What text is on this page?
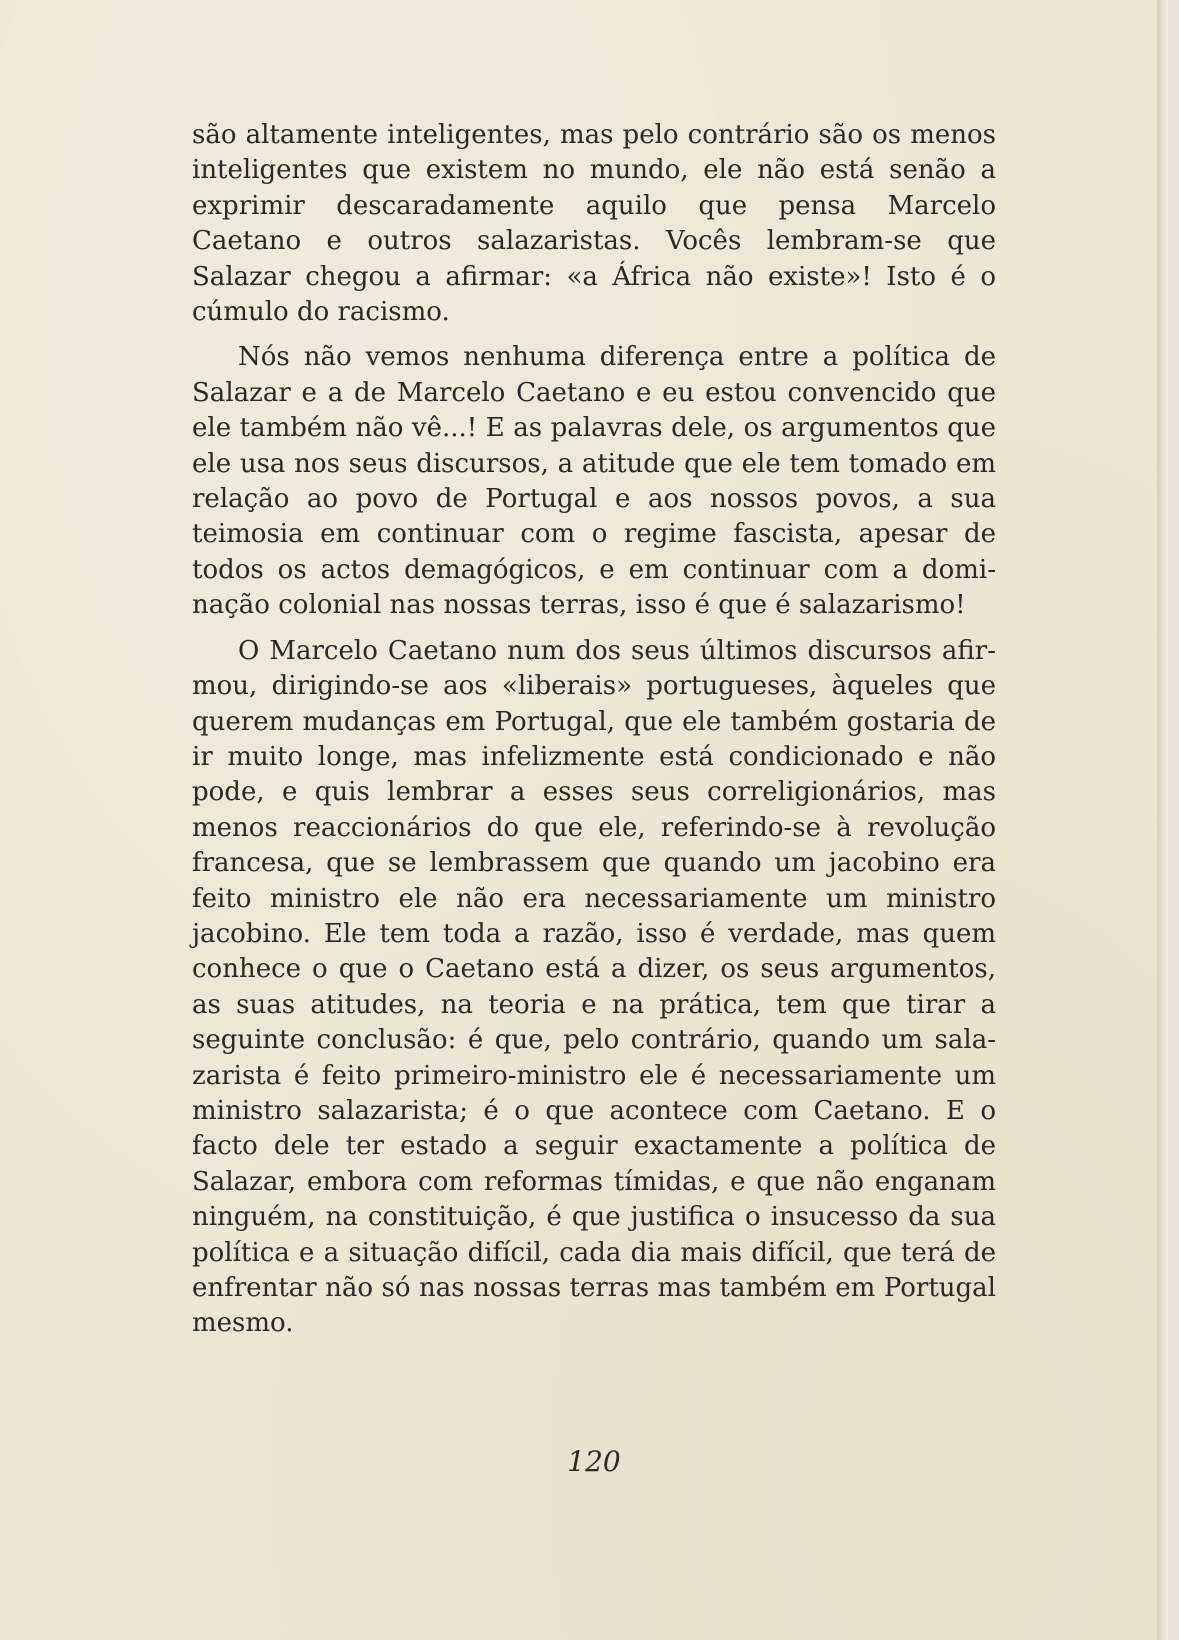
são altamente inteligentes, mas pelo contrário são os menos inteligentes que existem no mundo, ele não está senão a exprimir descaradamente aquilo que pensa Marcelo Caetano e outros salazaristas. Vocês lembram-se que Salazar chegou a afirmar: «a África não existe»! Isto é o cúmulo do racismo.

Nós não vemos nenhuma diferença entre a política de Salazar e a de Marcelo Caetano e eu estou convencido que ele também não vê...! E as palavras dele, os argumentos que ele usa nos seus discursos, a atitude que ele tem tomado em relação ao povo de Portugal e aos nossos povos, a sua teimosia em continuar com o regime fascista, apesar de todos os actos demagógicos, e em continuar com a dominação colonial nas nossas terras, isso é que é salazarismo!

O Marcelo Caetano num dos seus últimos discursos afirmou, dirigindo-se aos «liberais» portugueses, àqueles que querem mudanças em Portugal, que ele também gostaria de ir muito longe, mas infelizmente está condicionado e não pode, e quis lembrar a esses seus correligionários, mas menos reaccionários do que ele, referindo-se à revolução francesa, que se lembrassem que quando um jacobino era feito ministro ele não era necessariamente um ministro jacobino. Ele tem toda a razão, isso é verdade, mas quem conhece o que o Caetano está a dizer, os seus argumentos, as suas atitudes, na teoria e na prática, tem que tirar a seguinte conclusão: é que, pelo contrário, quando um salazarista é feito primeiro-ministro ele é necessariamente um ministro salazarista; é o que acontece com Caetano. E o facto dele ter estado a seguir exactamente a política de Salazar, embora com reformas tímidas, e que não enganam ninguém, na constituição, é que justifica o insucesso da sua política e a situação difícil, cada dia mais difícil, que terá de enfrentar não só nas nossas terras mas também em Portugal mesmo.

120
